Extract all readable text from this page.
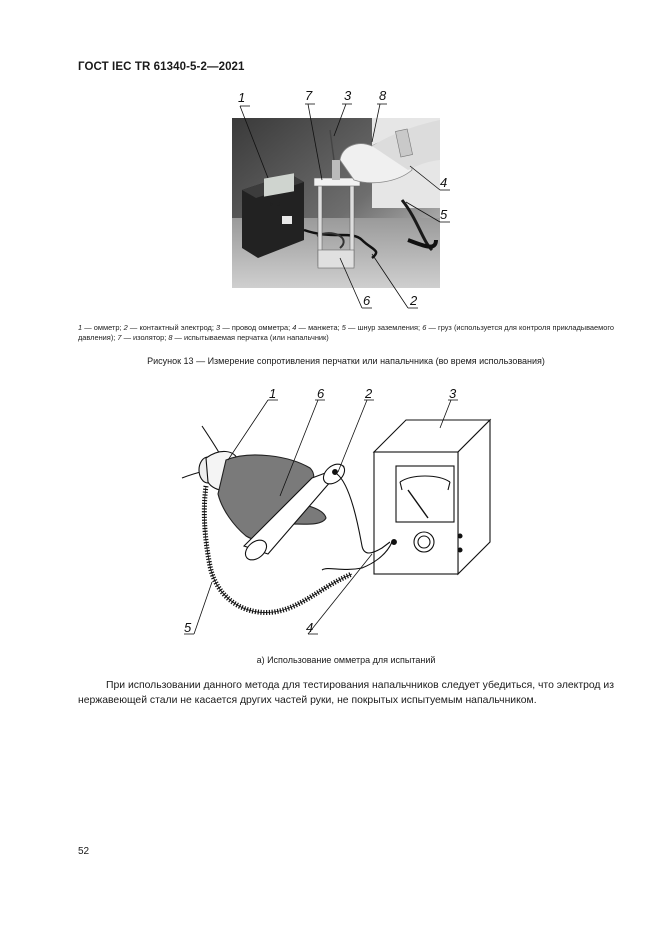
ГОСТ IEC TR 61340-5-2—2021
16.3
1	7 3 8
4
5
6	2
1 — омметр; 2 — контактный электрод; 3 — провод омметра; 4 — манжета; 5 — шнур заземления; 6 — груз (используется для контроля прикладываемого давления); 7 — изолятор; 8 — испытываемая перчатка (или напальчник)
Рисунок 13 — Измерение сопротивления перчатки или напальчника (во время использования)
1	6	2	3
5	4
а) Использование омметра для испытаний

При использовании данного метода для тестирования напальчников следует убедиться, что электрод из нержавеющей стали не касается других частей руки, не покрытых испытуемым напальчником.

52
